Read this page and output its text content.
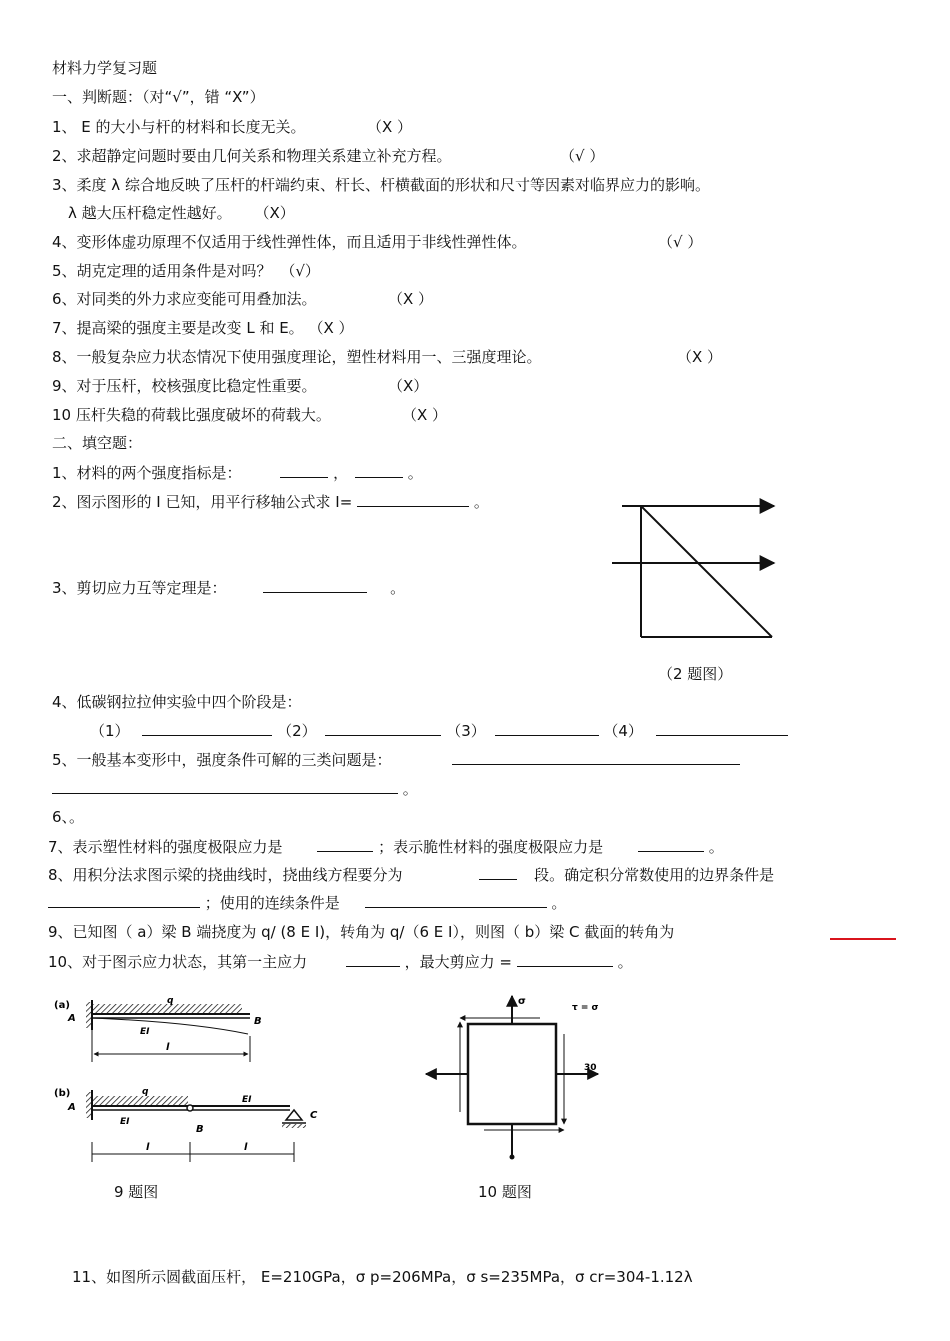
材料力学复习题
一、判断题：（对“√”，错 “X”）
1、 E 的大小与杆的材料和长度无关。	（X ）
2、求超静定问题时要由几何关系和物理关系建立补充方程。	（√ ）
3、柔度 λ 综合地反映了压杆的杆端约束、杆长、杆横截面的形状和尺寸等因素对临界应力的影响。
λ 越大压杆稳定性越好。 （X）
4、变形体虚功原理不仅适用于线性弹性体，而且适用于非线性弹性体。	（√ ）
5、胡克定理的适用条件是对吗？ （√）
6、对同类的外力求应变能可用叠加法。	（X ）
7、提高梁的强度主要是改变 L 和 E。 （X ）
8、一般复杂应力状态情况下使用强度理论，塑性材料用一、三强度理论。	（X ）
9、对于压杆，校核强度比稳定性重要。	（X）
10 压杆失稳的荷载比强度破坏的荷载大。	（X ）
二、填空题：
1、材料的两个强度指标是：	，	。
2、图示图形的 I 已知，用平行移轴公式求 I=	。
3、剪切应力互等定理是：	。
（2 题图）
4、低碳钢拉拉伸实验中四个阶段是：
（1）	（2）	（3）	（4）
5、一般基本变形中，强度条件可解的三类问题是：
。
6、。
7、表示塑性材料的强度极限应力是	；表示脆性材料的强度极限应力是	。
8、用积分法求图示梁的挠曲线时，挠曲线方程要分为	段。确定积分常数使用的边界条件是
；使用的连续条件是	。
9、已知图（ a）梁 B 端挠度为 q/ (8 E I)，转角为 q/（6 E I），则图（ b）梁 C 截面的转角为
10、对于图示应力状态，其第一主应力	，最大剪应力 =	。
(a)
A
q
EI
B
l
(b)
A
q
EI
EI
B
C
l	l
9 题图
σ
τ = σ
30
10 题图
11、如图所示圆截面压杆， E=210GPa，σ p=206MPa，σ s=235MPa，σ cr=304-1.12λ
